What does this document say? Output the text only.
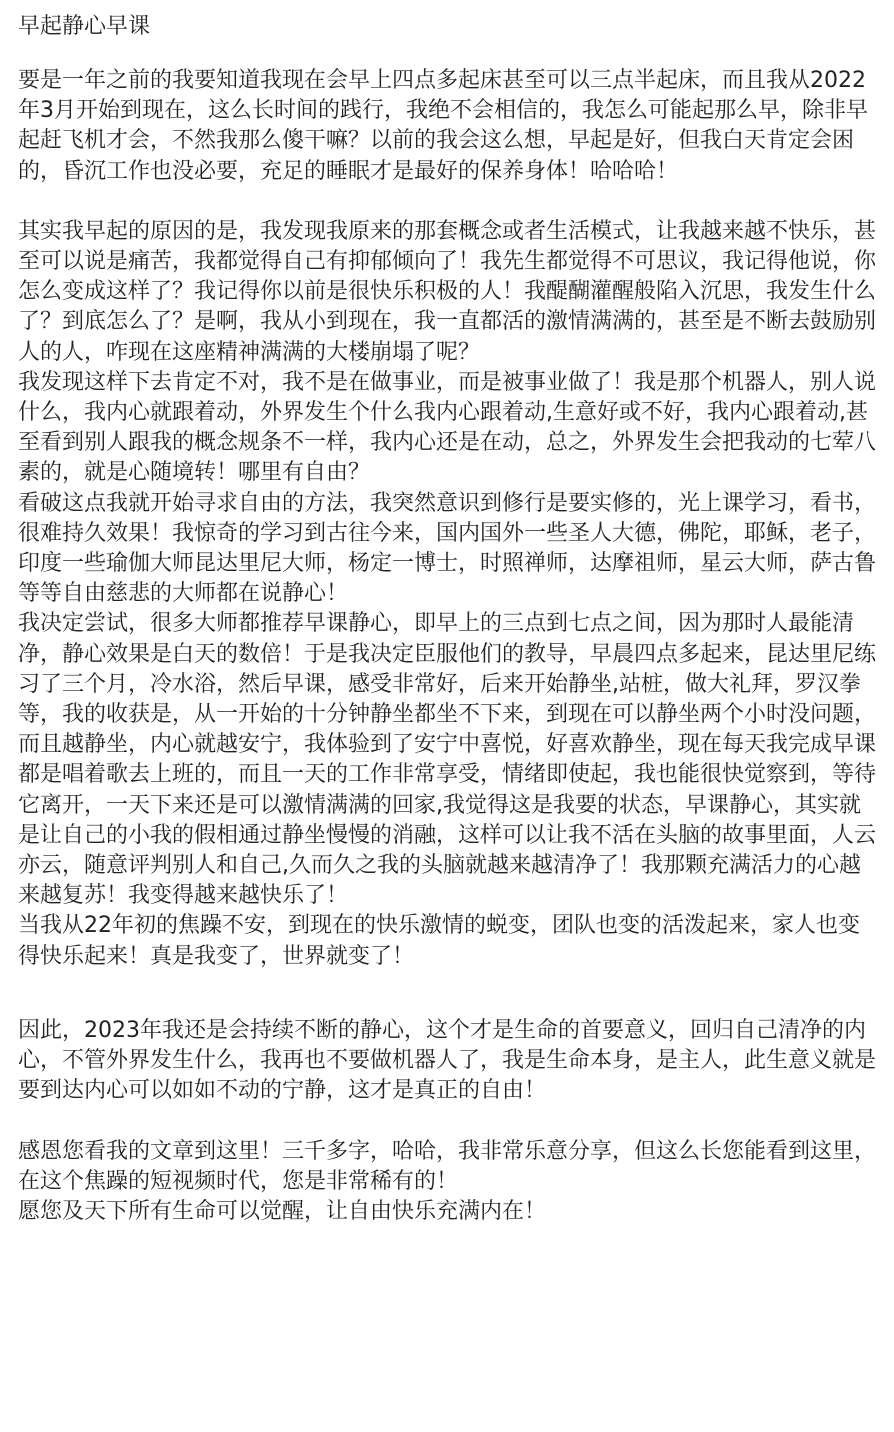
早起静心早课

要是一年之前的我要知道我现在会早上四点多起床甚至可以三点半起床，而且我从2022年3月开始到现在，这么长时间的践行，我绝不会相信的，我怎么可能起那么早，除非早起赶飞机才会，不然我那么傻干嘛？以前的我会这么想，早起是好，但我白天肯定会困的，昏沉工作也没必要，充足的睡眠才是最好的保养身体！哈哈哈！

其实我早起的原因的是，我发现我原来的那套概念或者生活模式，让我越来越不快乐，甚至可以说是痛苦，我都觉得自己有抑郁倾向了！我先生都觉得不可思议，我记得他说，你怎么变成这样了？我记得你以前是很快乐积极的人！我醍醐灌醒般陷入沉思，我发生什么了？到底怎么了？是啊，我从小到现在，我一直都活的激情满满的，甚至是不断去鼓励别人的人，咋现在这座精神满满的大楼崩塌了呢？
我发现这样下去肯定不对，我不是在做事业，而是被事业做了！我是那个机器人，别人说什么，我内心就跟着动，外界发生个什么我内心跟着动,生意好或不好，我内心跟着动,甚至看到别人跟我的概念规条不一样，我内心还是在动，总之，外界发生会把我动的七荤八素的，就是心随境转！哪里有自由？
看破这点我就开始寻求自由的方法，我突然意识到修行是要实修的，光上课学习，看书，很难持久效果！我惊奇的学习到古往今来，国内国外一些圣人大德，佛陀，耶稣，老子，印度一些瑜伽大师昆达里尼大师，杨定一博士，时照禅师，达摩祖师，星云大师，萨古鲁等等自由慈悲的大师都在说静心！
我决定尝试，很多大师都推荐早课静心，即早上的三点到七点之间，因为那时人最能清净，静心效果是白天的数倍！于是我决定臣服他们的教导，早晨四点多起来，昆达里尼练习了三个月，冷水浴，然后早课，感受非常好，后来开始静坐,站桩，做大礼拜，罗汉拳等，我的收获是，从一开始的十分钟静坐都坐不下来，到现在可以静坐两个小时没问题，而且越静坐，内心就越安宁，我体验到了安宁中喜悦，好喜欢静坐，现在每天我完成早课都是唱着歌去上班的，而且一天的工作非常享受，情绪即使起，我也能很快觉察到，等待它离开，一天下来还是可以激情满满的回家,我觉得这是我要的状态，早课静心，其实就是让自己的小我的假相通过静坐慢慢的消融，这样可以让我不活在头脑的故事里面，人云亦云，随意评判别人和自己,久而久之我的头脑就越来越清净了！我那颗充满活力的心越来越复苏！我变得越来越快乐了！
当我从22年初的焦躁不安，到现在的快乐激情的蜕变，团队也变的活泼起来，家人也变得快乐起来！真是我变了，世界就变了！

因此，2023年我还是会持续不断的静心，这个才是生命的首要意义，回归自己清净的内心，不管外界发生什么，我再也不要做机器人了，我是生命本身，是主人，此生意义就是要到达内心可以如如不动的宁静，这才是真正的自由！

感恩您看我的文章到这里！三千多字，哈哈，我非常乐意分享，但这么长您能看到这里，在这个焦躁的短视频时代，您是非常稀有的！
愿您及天下所有生命可以觉醒，让自由快乐充满内在！
